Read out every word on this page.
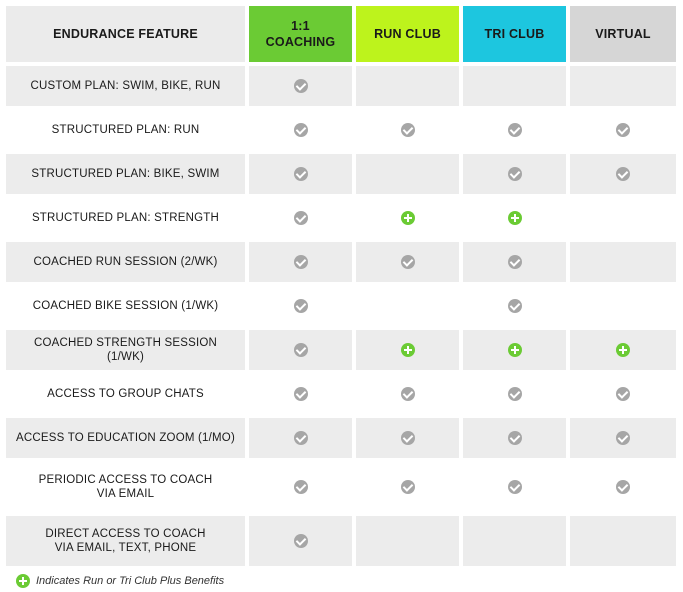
ENDURANCE FEATURE
1:1
COACHING
RUN CLUB	TRI CLUB	VIRTUAL
CUSTOM PLAN: SWIM, BIKE, RUN
STRUCTURED PLAN: RUN
STRUCTURED PLAN: BIKE, SWIM
STRUCTURED PLAN: STRENGTH
COACHED RUN SESSION (2/WK)
COACHED BIKE SESSION (1/WK)
COACHED STRENGTH SESSION (1/WK)
ACCESS TO GROUP CHATS
ACCESS TO EDUCATION ZOOM (1/MO)
PERIODIC ACCESS TO COACH
VIA EMAIL
DIRECT ACCESS TO COACH
VIA EMAIL, TEXT, PHONE
Indicates Run or Tri Club Plus Benefits
